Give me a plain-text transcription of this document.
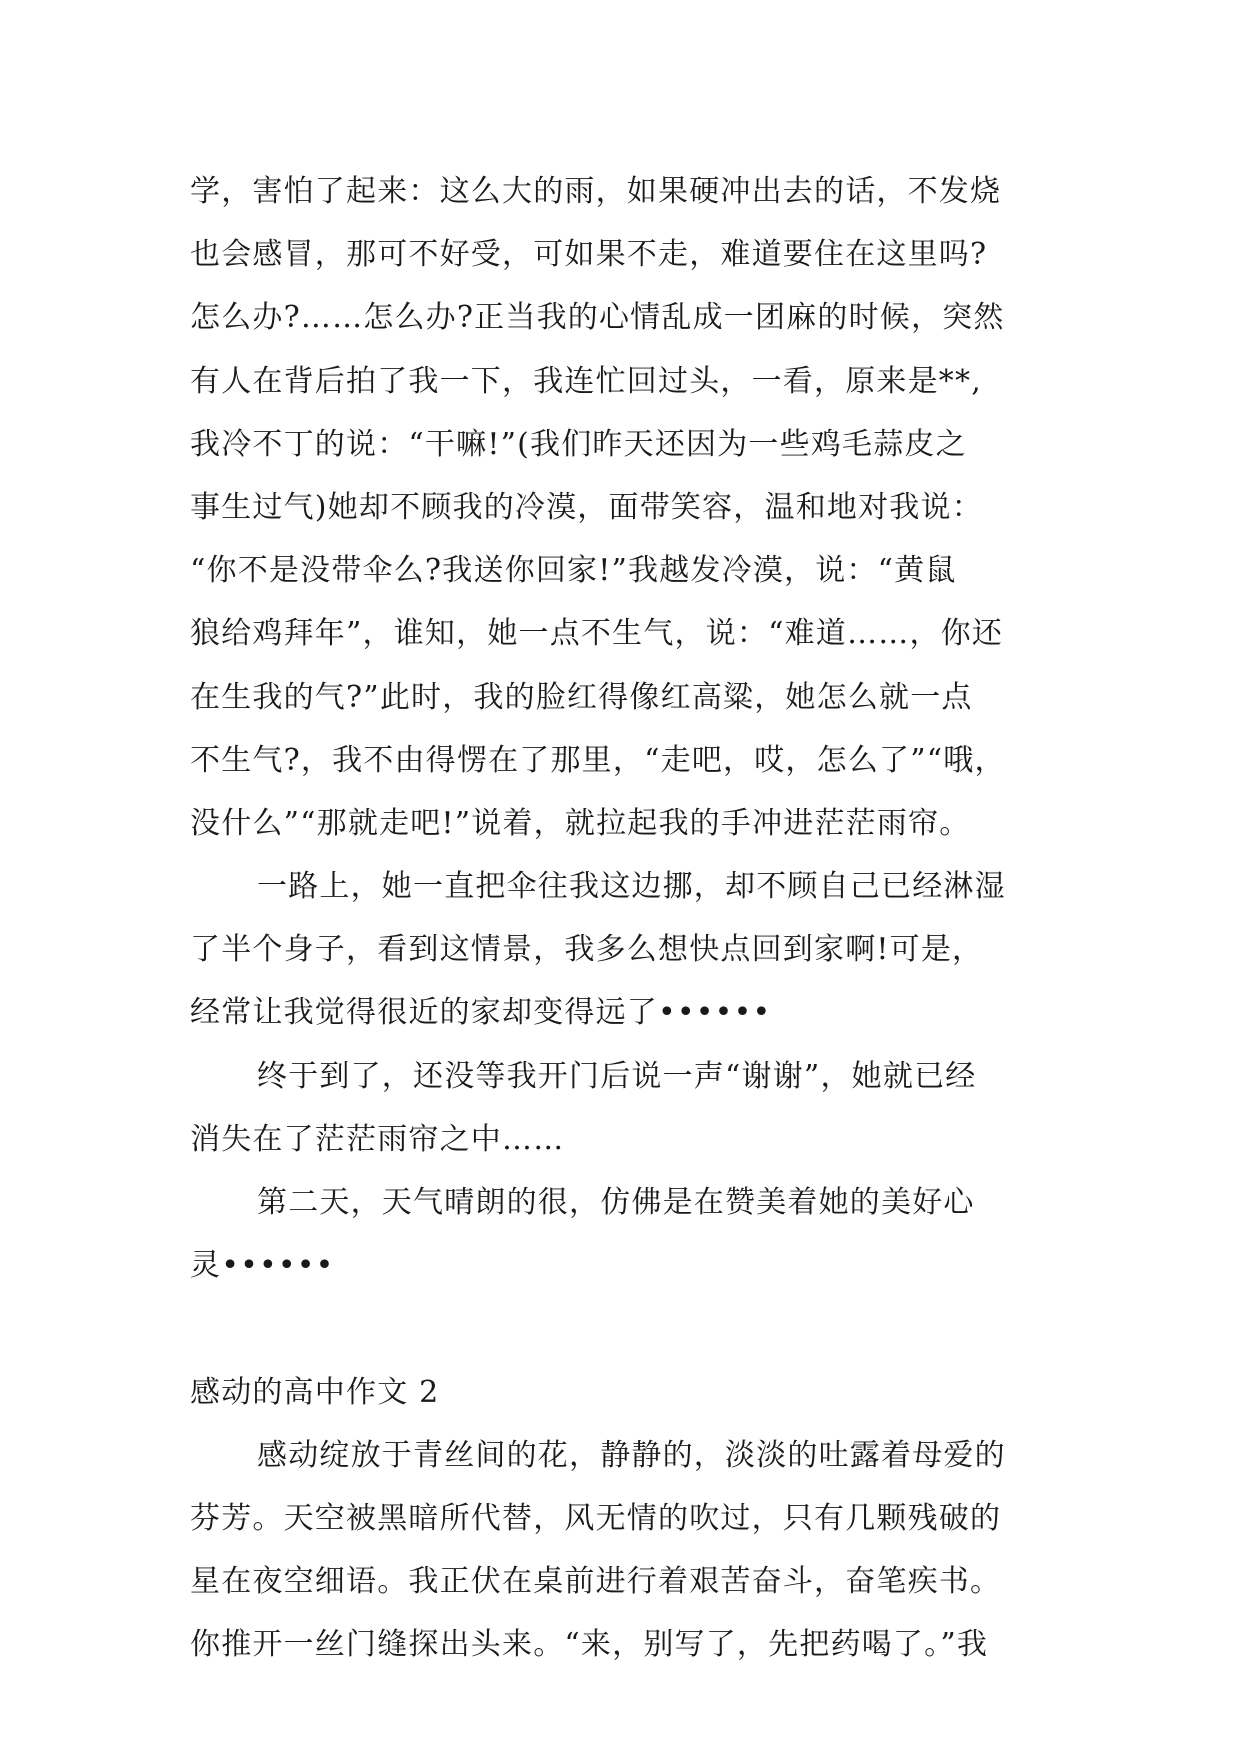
学，害怕了起来：这么大的雨，如果硬冲出去的话，不发烧
也会感冒，那可不好受，可如果不走，难道要住在这里吗?
怎么办?……怎么办?正当我的心情乱成一团麻的时候，突然
有人在背后拍了我一下，我连忙回过头，一看，原来是**,
我冷不丁的说：“干嘛!”(我们昨天还因为一些鸡毛蒜皮之
事生过气)她却不顾我的冷漠，面带笑容，温和地对我说：
“你不是没带伞么?我送你回家!”我越发冷漠，说：“黄鼠
狼给鸡拜年”，谁知，她一点不生气，说：“难道……，你还
在生我的气?”此时，我的脸红得像红高粱，她怎么就一点
不生气?，我不由得愣在了那里，“走吧，哎，怎么了”“哦，
没什么”“那就走吧!”说着，就拉起我的手冲进茫茫雨帘。
一路上，她一直把伞往我这边挪，却不顾自己已经淋湿
了半个身子，看到这情景，我多么想快点回到家啊!可是，
经常让我觉得很近的家却变得远了••••••
终于到了，还没等我开门后说一声“谢谢”，她就已经
消失在了茫茫雨帘之中……
第二天，天气晴朗的很，仿佛是在赞美着她的美好心
灵••••••
感动的高中作文 2
感动绽放于青丝间的花，静静的，淡淡的吐露着母爱的
芬芳。天空被黑暗所代替，风无情的吹过，只有几颗残破的
星在夜空细语。我正伏在桌前进行着艰苦奋斗，奋笔疾书。
你推开一丝门缝探出头来。“来，别写了，先把药喝了。”我
